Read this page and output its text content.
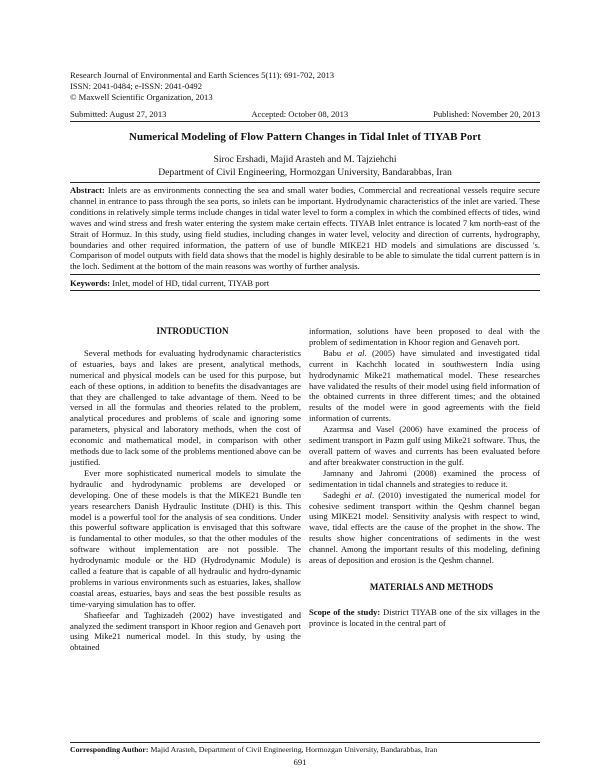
Research Journal of Environmental and Earth Sciences 5(11): 691-702, 2013
ISSN: 2041-0484; e-ISSN: 2041-0492
© Maxwell Scientific Organization, 2013
Submitted: August 27, 2013	Accepted: October 08, 2013	Published: November 20, 2013
Numerical Modeling of Flow Pattern Changes in Tidal Inlet of TIYAB Port
Siroc Ershadi, Majid Arasteh and M. Tajziehchi
Department of Civil Engineering, Hormozgan University, Bandarabbas, Iran
Abstract: Inlets are as environments connecting the sea and small water bodies, Commercial and recreational vessels require secure channel in entrance to pass through the sea ports, so inlets can be important. Hydrodynamic characteristics of the inlet are varied. These conditions in relatively simple terms include changes in tidal water level to form a complex in which the combined effects of tides, wind waves and wind stress and fresh water entering the system make certain effects. TIYAB Inlet entrance is located 7 km north-east of the Strait of Hormuz. In this study, using field studies, including changes in water level, velocity and direction of currents, hydrography, boundaries and other required information, the pattern of use of bundle MIKE21 HD models and simulations are discussed 's. Comparison of model outputs with field data shows that the model is highly desirable to be able to simulate the tidal current pattern is in the loch. Sediment at the bottom of the main reasons was worthy of further analysis.
Keywords: Inlet, model of HD, tidal current, TIYAB port

INTRODUCTION

Several methods for evaluating hydrodynamic characteristics of estuaries, bays and lakes are present, analytical methods, numerical and physical models can be used for this purpose, but each of these options, in addition to benefits the disadvantages are that they are challenged to take advantage of them. Need to be versed in all the formulas and theories related to the problem, analytical procedures and problems of scale and ignoring some parameters, physical and laboratory methods, when the cost of economic and mathematical model, in comparison with other methods due to lack some of the problems mentioned above can be justified.

Ever more sophisticated numerical models to simulate the hydraulic and hydrodynamic problems are developed or developing. One of these models is that the MIKE21 Bundle ten years researchers Danish Hydraulic Institute (DHI) is this. This model is a powerful tool for the analysis of sea conditions. Under this powerful software application is envisaged that this software is fundamental to other modules, so that the other modules of the software without implementation are not possible. The hydrodynamic module or the HD (Hydrodynamic Module) is called a feature that is capable of all hydraulic and hydro-dynamic problems in various environments such as estuaries, lakes, shallow coastal areas, estuaries, bays and seas the best possible results as time-varying simulation has to offer.

Shafieefar and Taghizadeh (2002) have investigated and analyzed the sediment transport in Khoor region and Genaveh port using Mike21 numerical model. In this study, by using the obtained

information, solutions have been proposed to deal with the problem of sedimentation in Khoor region and Genaveh port.

Babu et al. (2005) have simulated and investigated tidal current in Kachchh located in southwestern India using hydrodynamic Mike21 mathematical model. These researches have validated the results of their model using field information of the obtained currents in three different times; and the obtained results of the model were in good agreements with the field information of currents.

Azarmsa and Vasel (2006) have examined the process of sediment transport in Pazm gulf using Mike21 software. Thus, the overall pattern of waves and currents has been evaluated before and after breakwater construction in the gulf.

Jamnany and Jahromi (2008) examined the process of sedimentation in tidal channels and strategies to reduce it.

Sadeghi et al. (2010) investigated the numerical model for cohesive sediment transport within the Qeshm channel began using MIKE21 model. Sensitivity analysis with respect to wind, wave, tidal effects are the cause of the prophet in the show. The results show higher concentrations of sediments in the west channel. Among the important results of this modeling, defining areas of deposition and erosion is the Qeshm channel.

MATERIALS AND METHODS

Scope of the study: District TIYAB one of the six villages in the province is located in the central part of

Corresponding Author: Majid Arasteh, Department of Civil Engineering, Hormozgan University, Bandarabbas, Iran
691
